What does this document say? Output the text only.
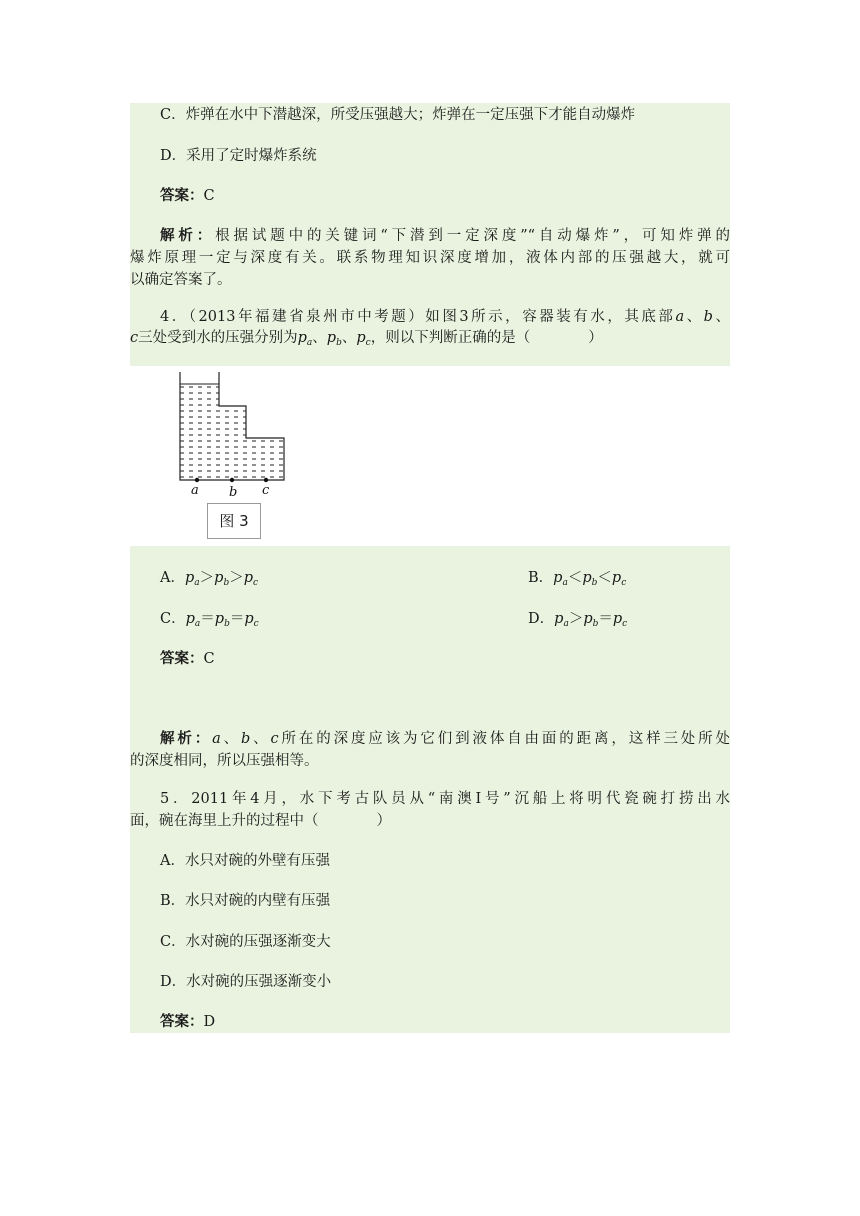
C．炸弹在水中下潜越深，所受压强越大；炸弹在一定压强下才能自动爆炸
D．采用了定时爆炸系统
答案：C
解析：根据试题中的关键词“下潜到一定深度”“自动爆炸”，可知炸弹的
爆炸原理一定与深度有关。联系物理知识深度增加，液体内部的压强越大，就可
以确定答案了。
4．（2013年福建省泉州市中考题）如图3所示，容器装有水，其底部a、b、
c三处受到水的压强分别为$p_a$、$p_b$、$p_c$，则以下判断正确的是（　　　　）
a b c
图 3
A．$p_a>p_b>p_c$	B．$p_a<p_b<p_c$
C．$p_a=p_b=p_c$	D．$p_a>p_b=p_c$
答案：C
解析：a、b、c所在的深度应该为它们到液体自由面的距离，这样三处所处
的深度相同，所以压强相等。
5．2011年4月，水下考古队员从“南澳Ⅰ号”沉船上将明代瓷碗打捞出水
面，碗在海里上升的过程中（　　　　）
A．水只对碗的外壁有压强
B．水只对碗的内壁有压强
C．水对碗的压强逐渐变大
D．水对碗的压强逐渐变小
答案：D
